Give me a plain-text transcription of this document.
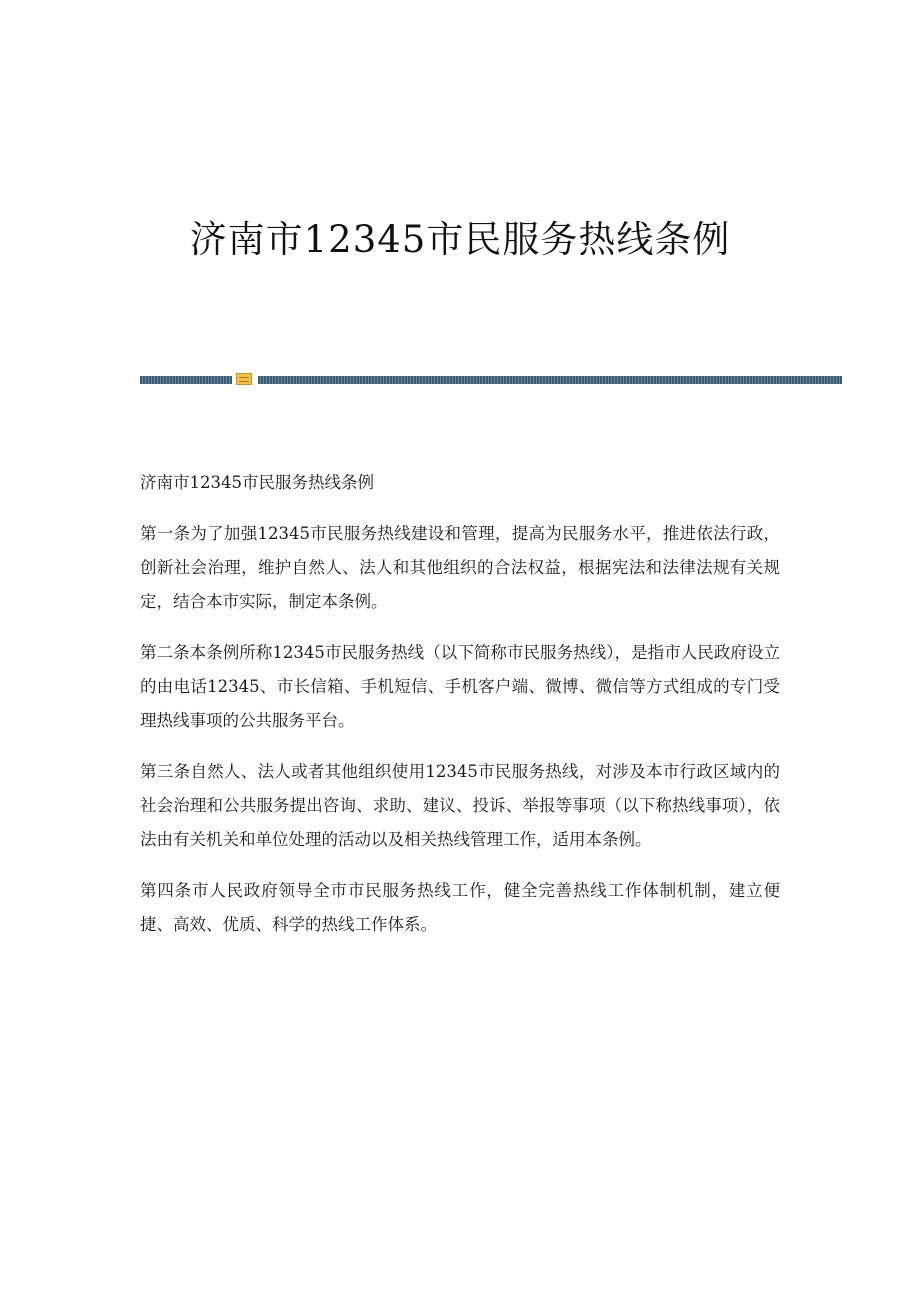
济南市12345市民服务热线条例

济南市12345市民服务热线条例

第一条为了加强12345市民服务热线建设和管理，提高为民服务水平，推进依法行政，创新社会治理，维护自然人、法人和其他组织的合法权益，根据宪法和法律法规有关规定，结合本市实际，制定本条例。

第二条本条例所称12345市民服务热线（以下简称市民服务热线），是指市人民政府设立的由电话12345、市长信箱、手机短信、手机客户端、微博、微信等方式组成的专门受理热线事项的公共服务平台。

第三条自然人、法人或者其他组织使用12345市民服务热线，对涉及本市行政区域内的社会治理和公共服务提出咨询、求助、建议、投诉、举报等事项（以下称热线事项），依法由有关机关和单位处理的活动以及相关热线管理工作，适用本条例。

第四条市人民政府领导全市市民服务热线工作，健全完善热线工作体制机制，建立便捷、高效、优质、科学的热线工作体系。
